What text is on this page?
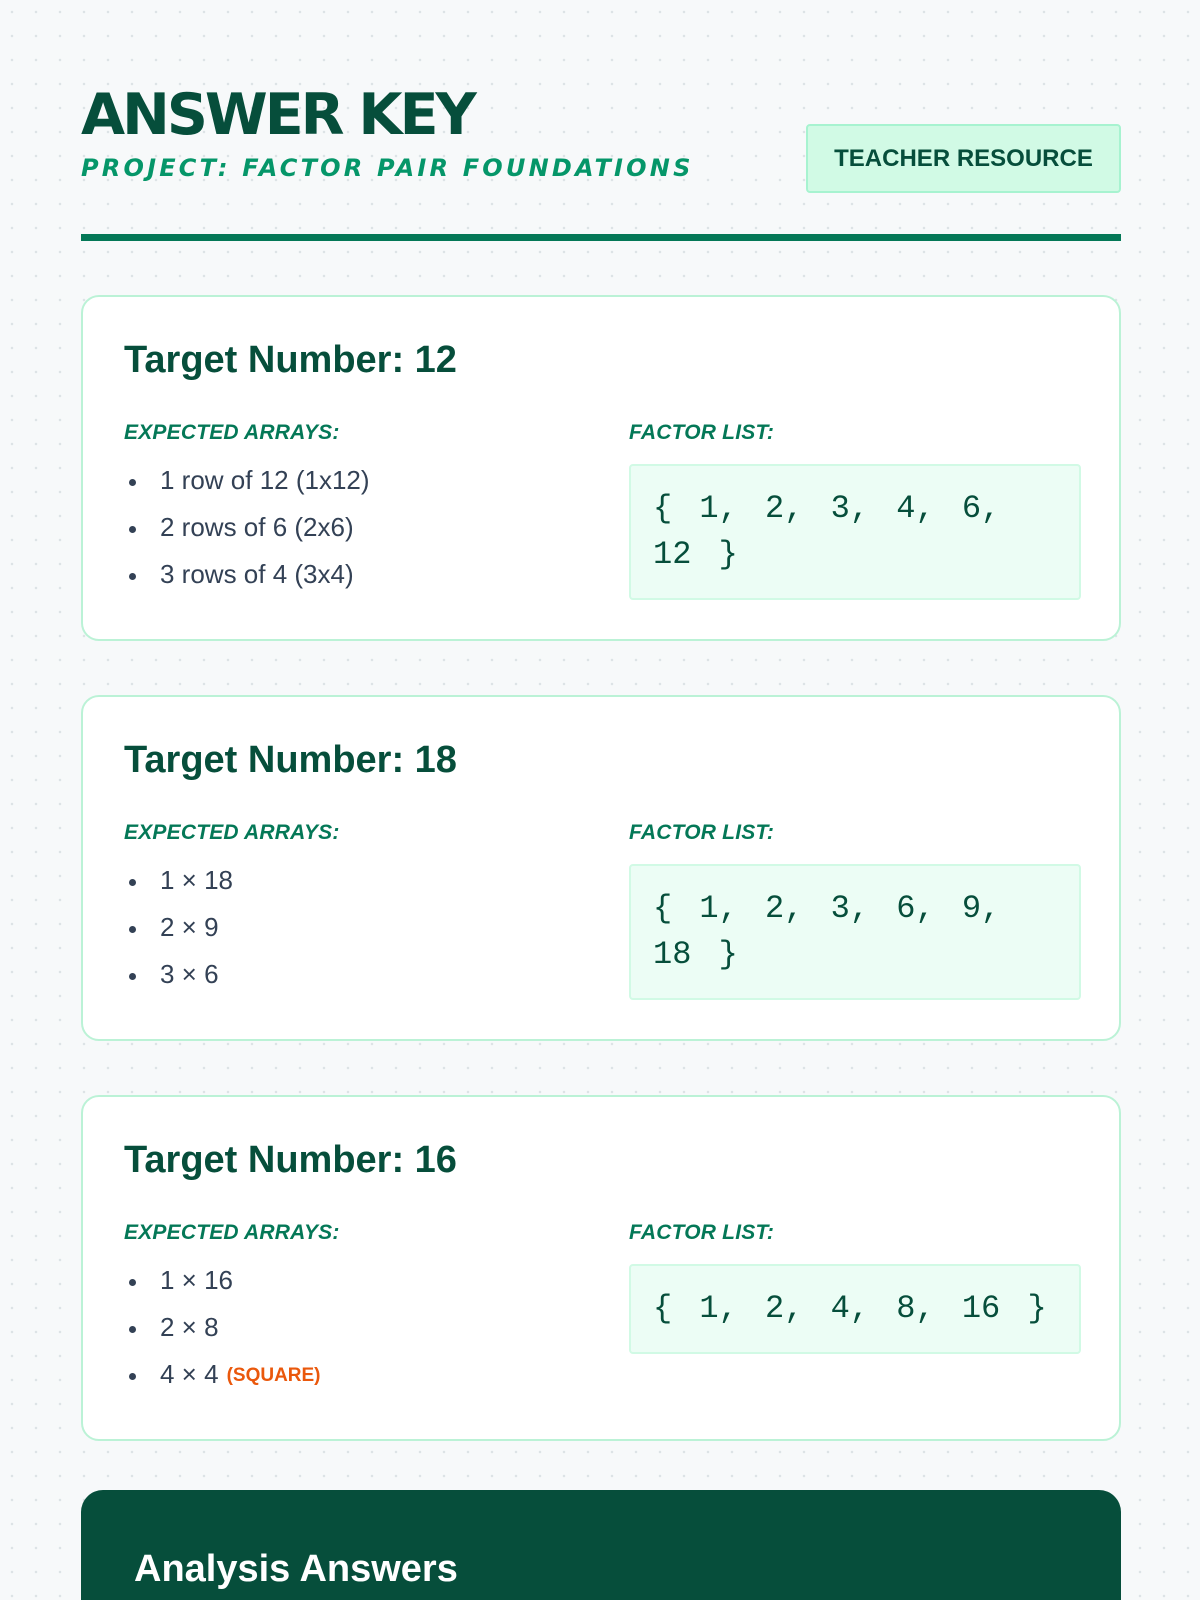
ANSWER KEY
PROJECT: FACTOR PAIR FOUNDATIONS	TEACHER RESOURCE
Target Number: 12
EXPECTED ARRAYS:	FACTOR LIST:
1 row of 12 (1x12)
2 rows of 6 (2x6)
3 rows of 4 (3x4)
{ 1, 2, 3, 4, 6, 12 }
Target Number: 18
EXPECTED ARRAYS:	FACTOR LIST:
1 × 18
2 × 9
3 × 6
{ 1, 2, 3, 6, 9, 18 }
Target Number: 16
EXPECTED ARRAYS:	FACTOR LIST:
1 × 16
2 × 8
4 × 4 (SQUARE)
{ 1, 2, 4, 8, 16 }
Analysis Answers
